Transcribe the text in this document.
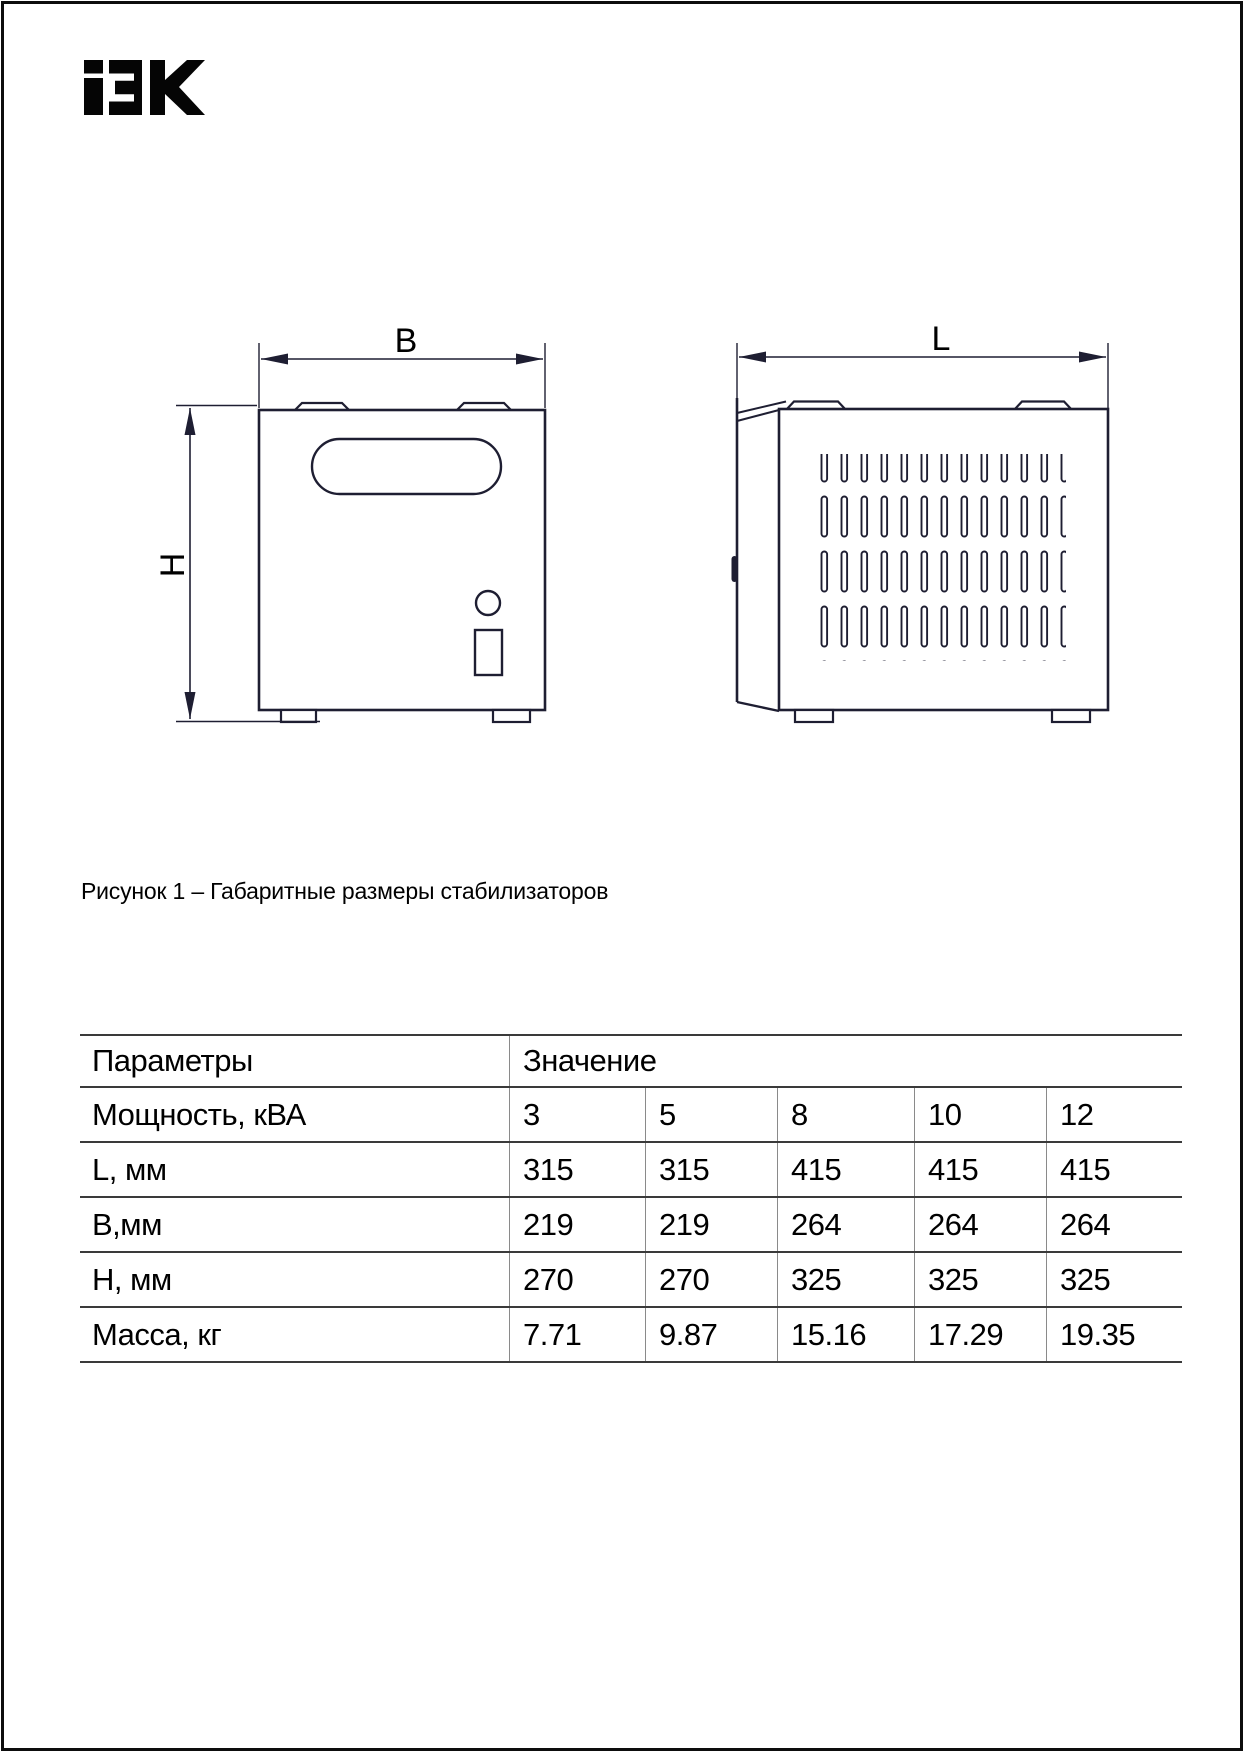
B
H
L
Рисунок 1 – Габаритные размеры стабилизаторов
Параметры	Значение
Мощность, кВА	3	5	8	10	12
L, мм	315	315	415	415	415
В,мм	219	219	264	264	264
Н, мм	270	270	325	325	325
Масса, кг	7.71	9.87	15.16	17.29	19.35
